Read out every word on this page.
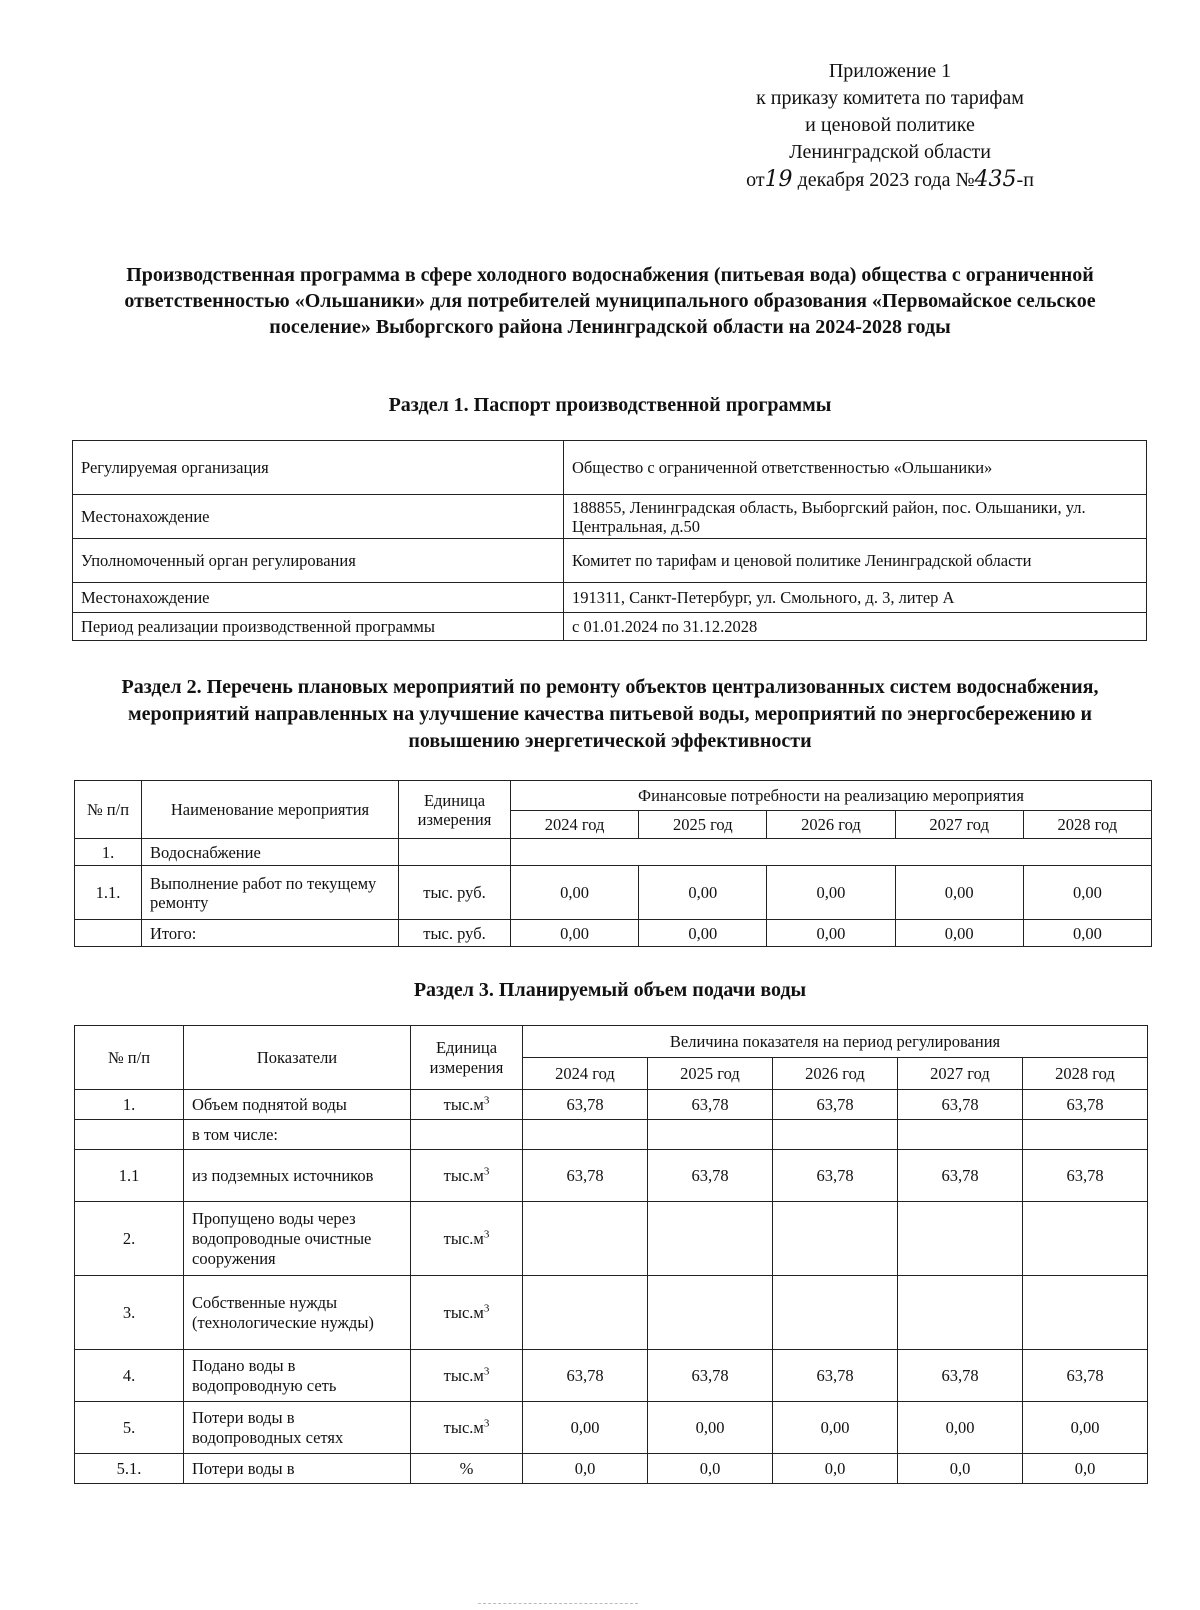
Приложение 1
к приказу комитета по тарифам
и ценовой политике
Ленинградской области
от19 декабря 2023 года №435-п
Производственная программа в сфере холодного водоснабжения (питьевая вода) общества с ограниченной ответственностью «Ольшаники» для потребителей муниципального образования «Первомайское сельское поселение» Выборгского района Ленинградской области на 2024-2028 годы
Раздел 1. Паспорт производственной программы
Регулируемая организация	Общество с ограниченной ответственностью «Ольшаники»
Местонахождение	188855, Ленинградская область, Выборгский район, пос. Ольшаники, ул. Центральная, д.50
Уполномоченный орган регулирования	Комитет по тарифам и ценовой политике Ленинградской области
Местонахождение	191311, Санкт-Петербург, ул. Смольного, д. 3, литер А
Период реализации производственной программы	с 01.01.2024 по 31.12.2028
Раздел 2. Перечень плановых мероприятий по ремонту объектов централизованных систем водоснабжения, мероприятий направленных на улучшение качества питьевой воды, мероприятий по энергосбережению и повышению энергетической эффективности
№ п/п	Наименование мероприятия	Единица измерения	Финансовые потребности на реализацию мероприятия				
			2024 год	2025 год	2026 год	2027 год	2028 год
1.	Водоснабжение						
1.1.	Выполнение работ по текущему ремонту	тыс. руб.	0,00	0,00	0,00	0,00	0,00
	Итого:	тыс. руб.	0,00	0,00	0,00	0,00	0,00
Раздел 3. Планируемый объем подачи воды
№ п/п	Показатели	Единица измерения	Величина показателя на период регулирования				
			2024 год	2025 год	2026 год	2027 год	2028 год
1.	Объем поднятой воды	$тыс.м^3$	63,78	63,78	63,78	63,78	63,78
	в том числе:						
1.1	из подземных источников	$тыс.м^3$	63,78	63,78	63,78	63,78	63,78
2.	Пропущено воды через водопроводные очистные сооружения	$тыс.м^3$					
3.	Собственные нужды (технологические нужды)	$тыс.м^3$					
4.	Подано воды в водопроводную сеть	$тыс.м^3$	63,78	63,78	63,78	63,78	63,78
5.	Потери воды в водопроводных сетях	$тыс.м^3$	0,00	0,00	0,00	0,00	0,00
5.1.	Потери воды в	%	0,0	0,0	0,0	0,0	0,0
